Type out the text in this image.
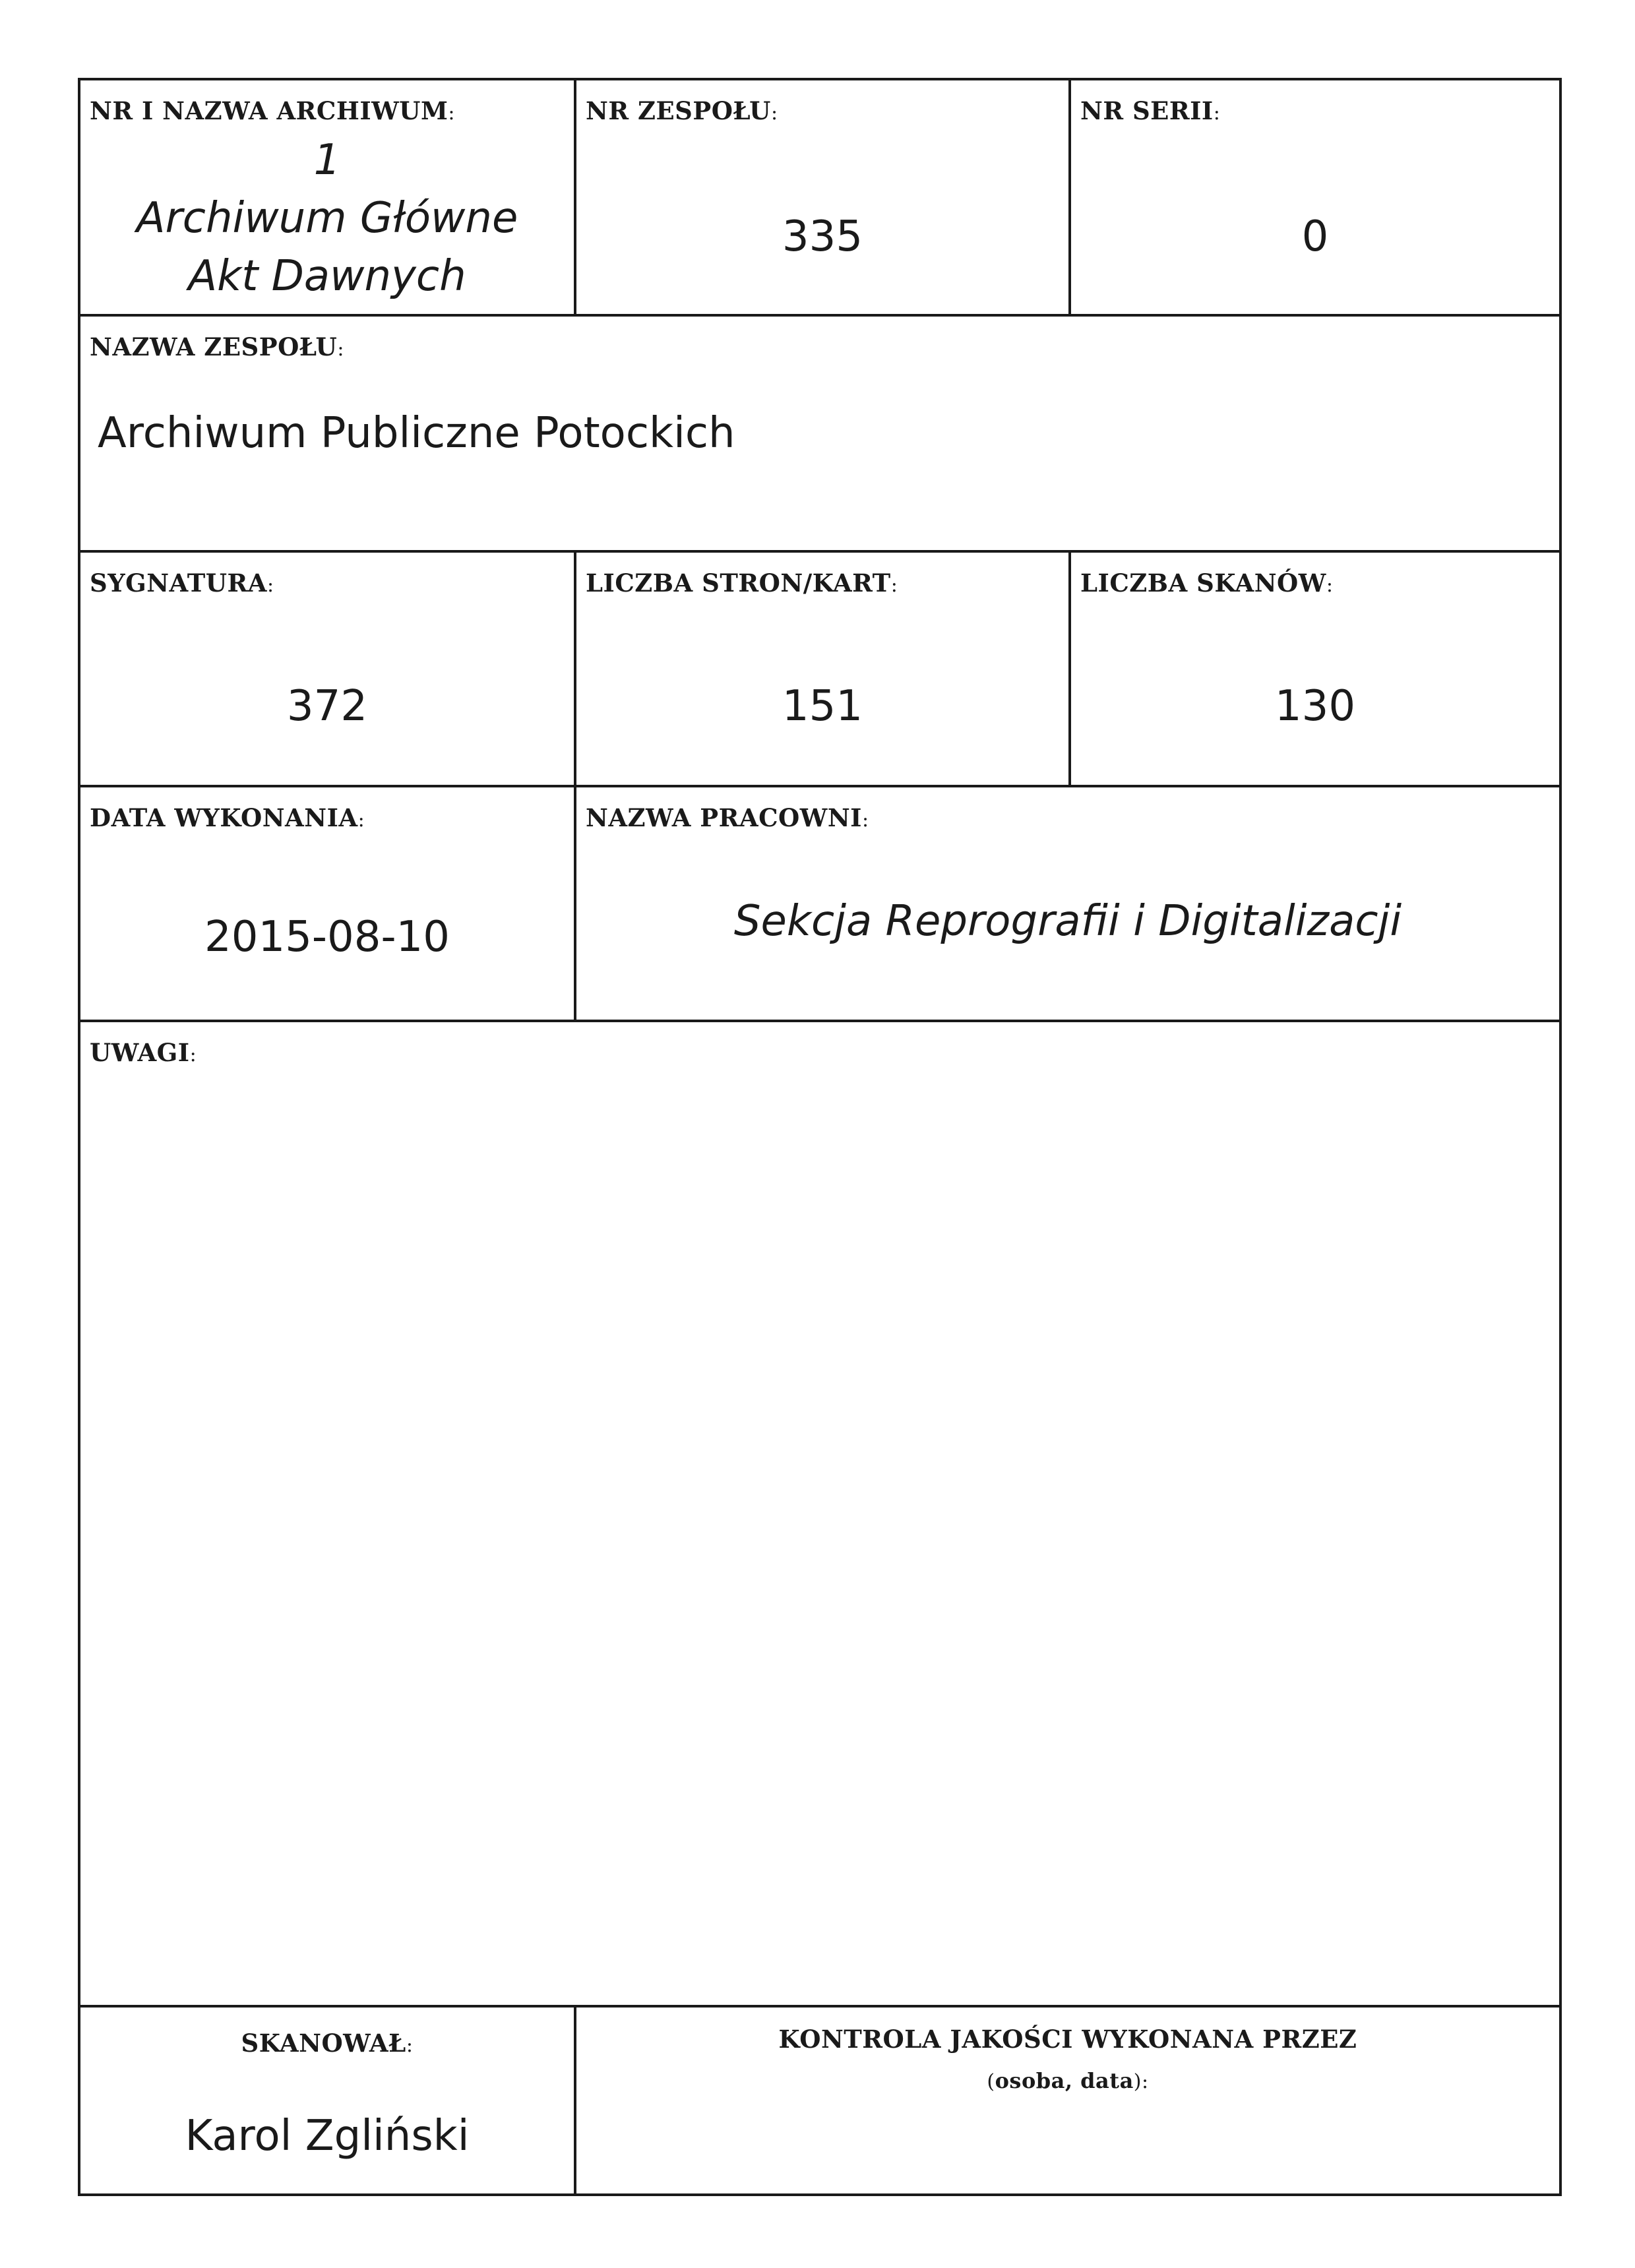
NR I NAZWA ARCHIWUM:
1
Archiwum Główne
Akt Dawnych
NR ZESPOŁU:
335
NR SERII:
0
NAZWA ZESPOŁU:
Archiwum Publiczne Potockich
SYGNATURA:
372
LICZBA STRON/KART:
151
LICZBA SKANÓW:
130
DATA WYKONANIA:
2015-08-10
NAZWA PRACOWNI:
Sekcja Reprografii i Digitalizacji
UWAGI:
SKANOWAŁ:
Karol Zgliński
KONTROLA JAKOŚCI WYKONANA PRZEZ
(osoba, data):
